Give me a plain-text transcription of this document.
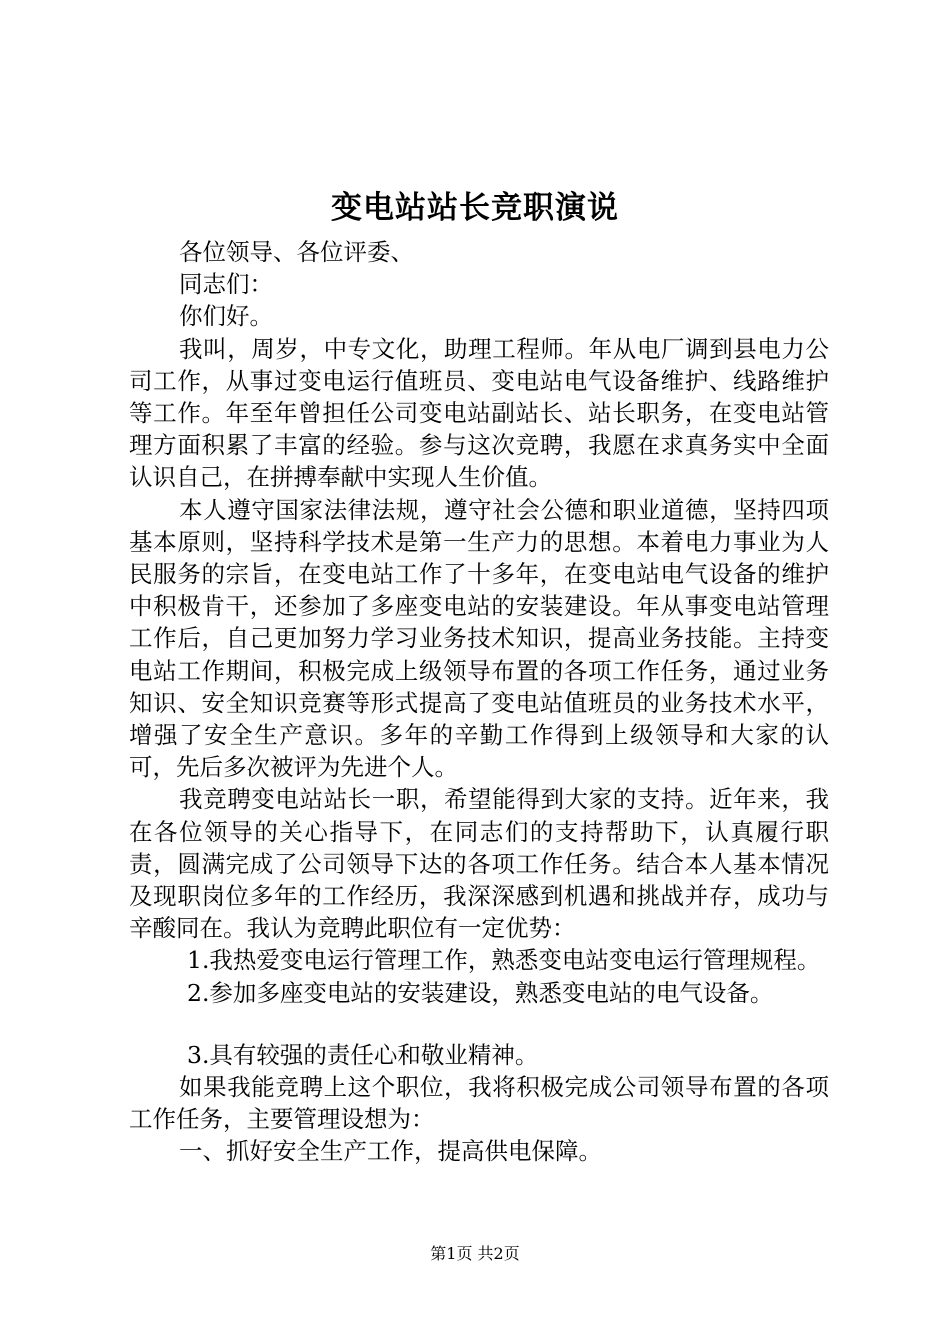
变电站站长竞职演说

各位领导、各位评委、

同志们：

你们好。

我叫，周岁，中专文化，助理工程师。年从电厂调到县电力公司工作，从事过变电运行值班员、变电站电气设备维护、线路维护等工作。年至年曾担任公司变电站副站长、站长职务，在变电站管理方面积累了丰富的经验。参与这次竞聘，我愿在求真务实中全面认识自己，在拼搏奉献中实现人生价值。

本人遵守国家法律法规，遵守社会公德和职业道德，坚持四项基本原则，坚持科学技术是第一生产力的思想。本着电力事业为人民服务的宗旨，在变电站工作了十多年，在变电站电气设备的维护中积极肯干，还参加了多座变电站的安装建设。年从事变电站管理工作后，自己更加努力学习业务技术知识，提高业务技能。主持变电站工作期间，积极完成上级领导布置的各项工作任务，通过业务知识、安全知识竞赛等形式提高了变电站值班员的业务技术水平，增强了安全生产意识。多年的辛勤工作得到上级领导和大家的认可，先后多次被评为先进个人。

我竞聘变电站站长一职，希望能得到大家的支持。近年来，我在各位领导的关心指导下，在同志们的支持帮助下，认真履行职责，圆满完成了公司领导下达的各项工作任务。结合本人基本情况及现职岗位多年的工作经历，我深深感到机遇和挑战并存，成功与辛酸同在。我认为竞聘此职位有一定优势：

1.我热爱变电运行管理工作，熟悉变电站变电运行管理规程。

2.参加多座变电站的安装建设，熟悉变电站的电气设备。

3.具有较强的责任心和敬业精神。

如果我能竞聘上这个职位，我将积极完成公司领导布置的各项工作任务，主要管理设想为：

一、抓好安全生产工作，提高供电保障。

第1页 共2页
